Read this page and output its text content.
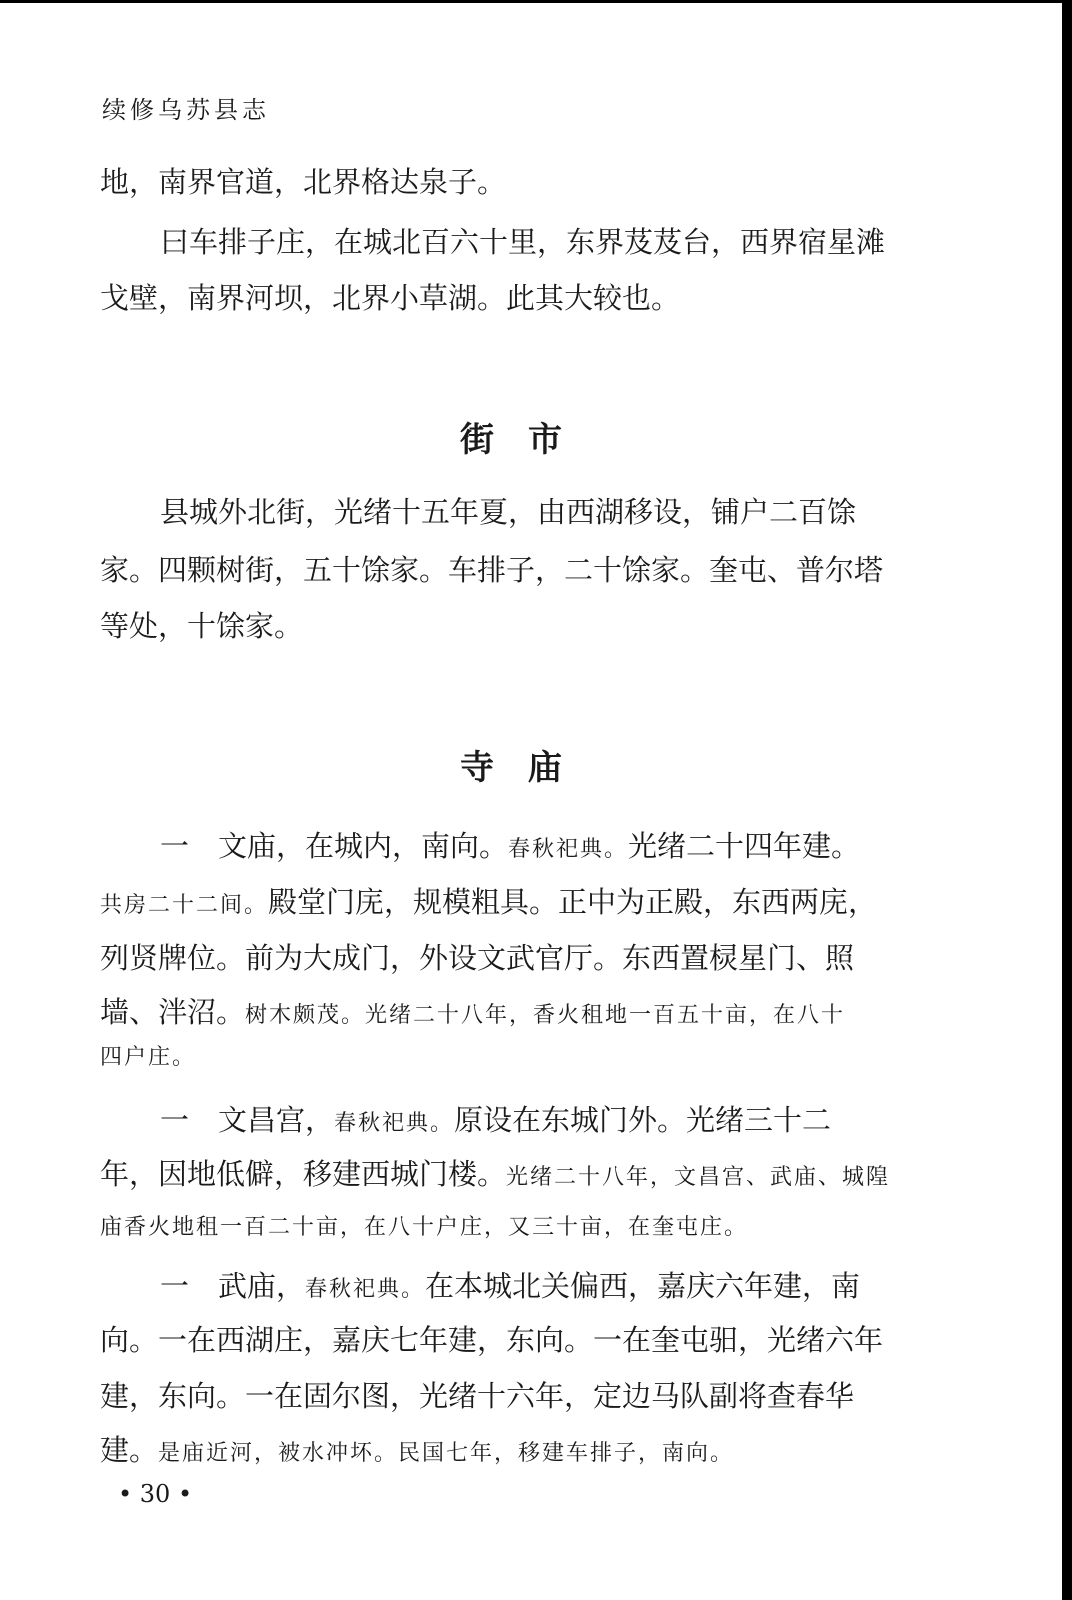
续修乌苏县志
地，南界官道，北界格达泉子。
曰车排子庄，在城北百六十里，东界芨芨台，西界宿星滩
戈壁，南界河坝，北界小草湖。此其大较也。
街　市
县城外北街，光绪十五年夏，由西湖移设，铺户二百馀
家。四颗树街，五十馀家。车排子，二十馀家。奎屯、普尔塔
等处，十馀家。
寺　庙
一　文庙，在城内，南向。春秋祀典。光绪二十四年建。
共房二十二间。殿堂门庑，规模粗具。正中为正殿，东西两庑，
列贤牌位。前为大成门，外设文武官厅。东西置棂星门、照
墙、泮沼。树木颇茂。光绪二十八年，香火租地一百五十亩，在八十
四户庄。
一　文昌宫，春秋祀典。原设在东城门外。光绪三十二
年，因地低僻，移建西城门楼。光绪二十八年，文昌宫、武庙、城隍
庙香火地租一百二十亩，在八十户庄，又三十亩，在奎屯庄。
一　武庙，春秋祀典。在本城北关偏西，嘉庆六年建，南
向。一在西湖庄，嘉庆七年建，东向。一在奎屯驲，光绪六年
建，东向。一在固尔图，光绪十六年，定边马队副将查春华
建。是庙近河，被水冲坏。民国七年，移建车排子，南向。
• 30 •
